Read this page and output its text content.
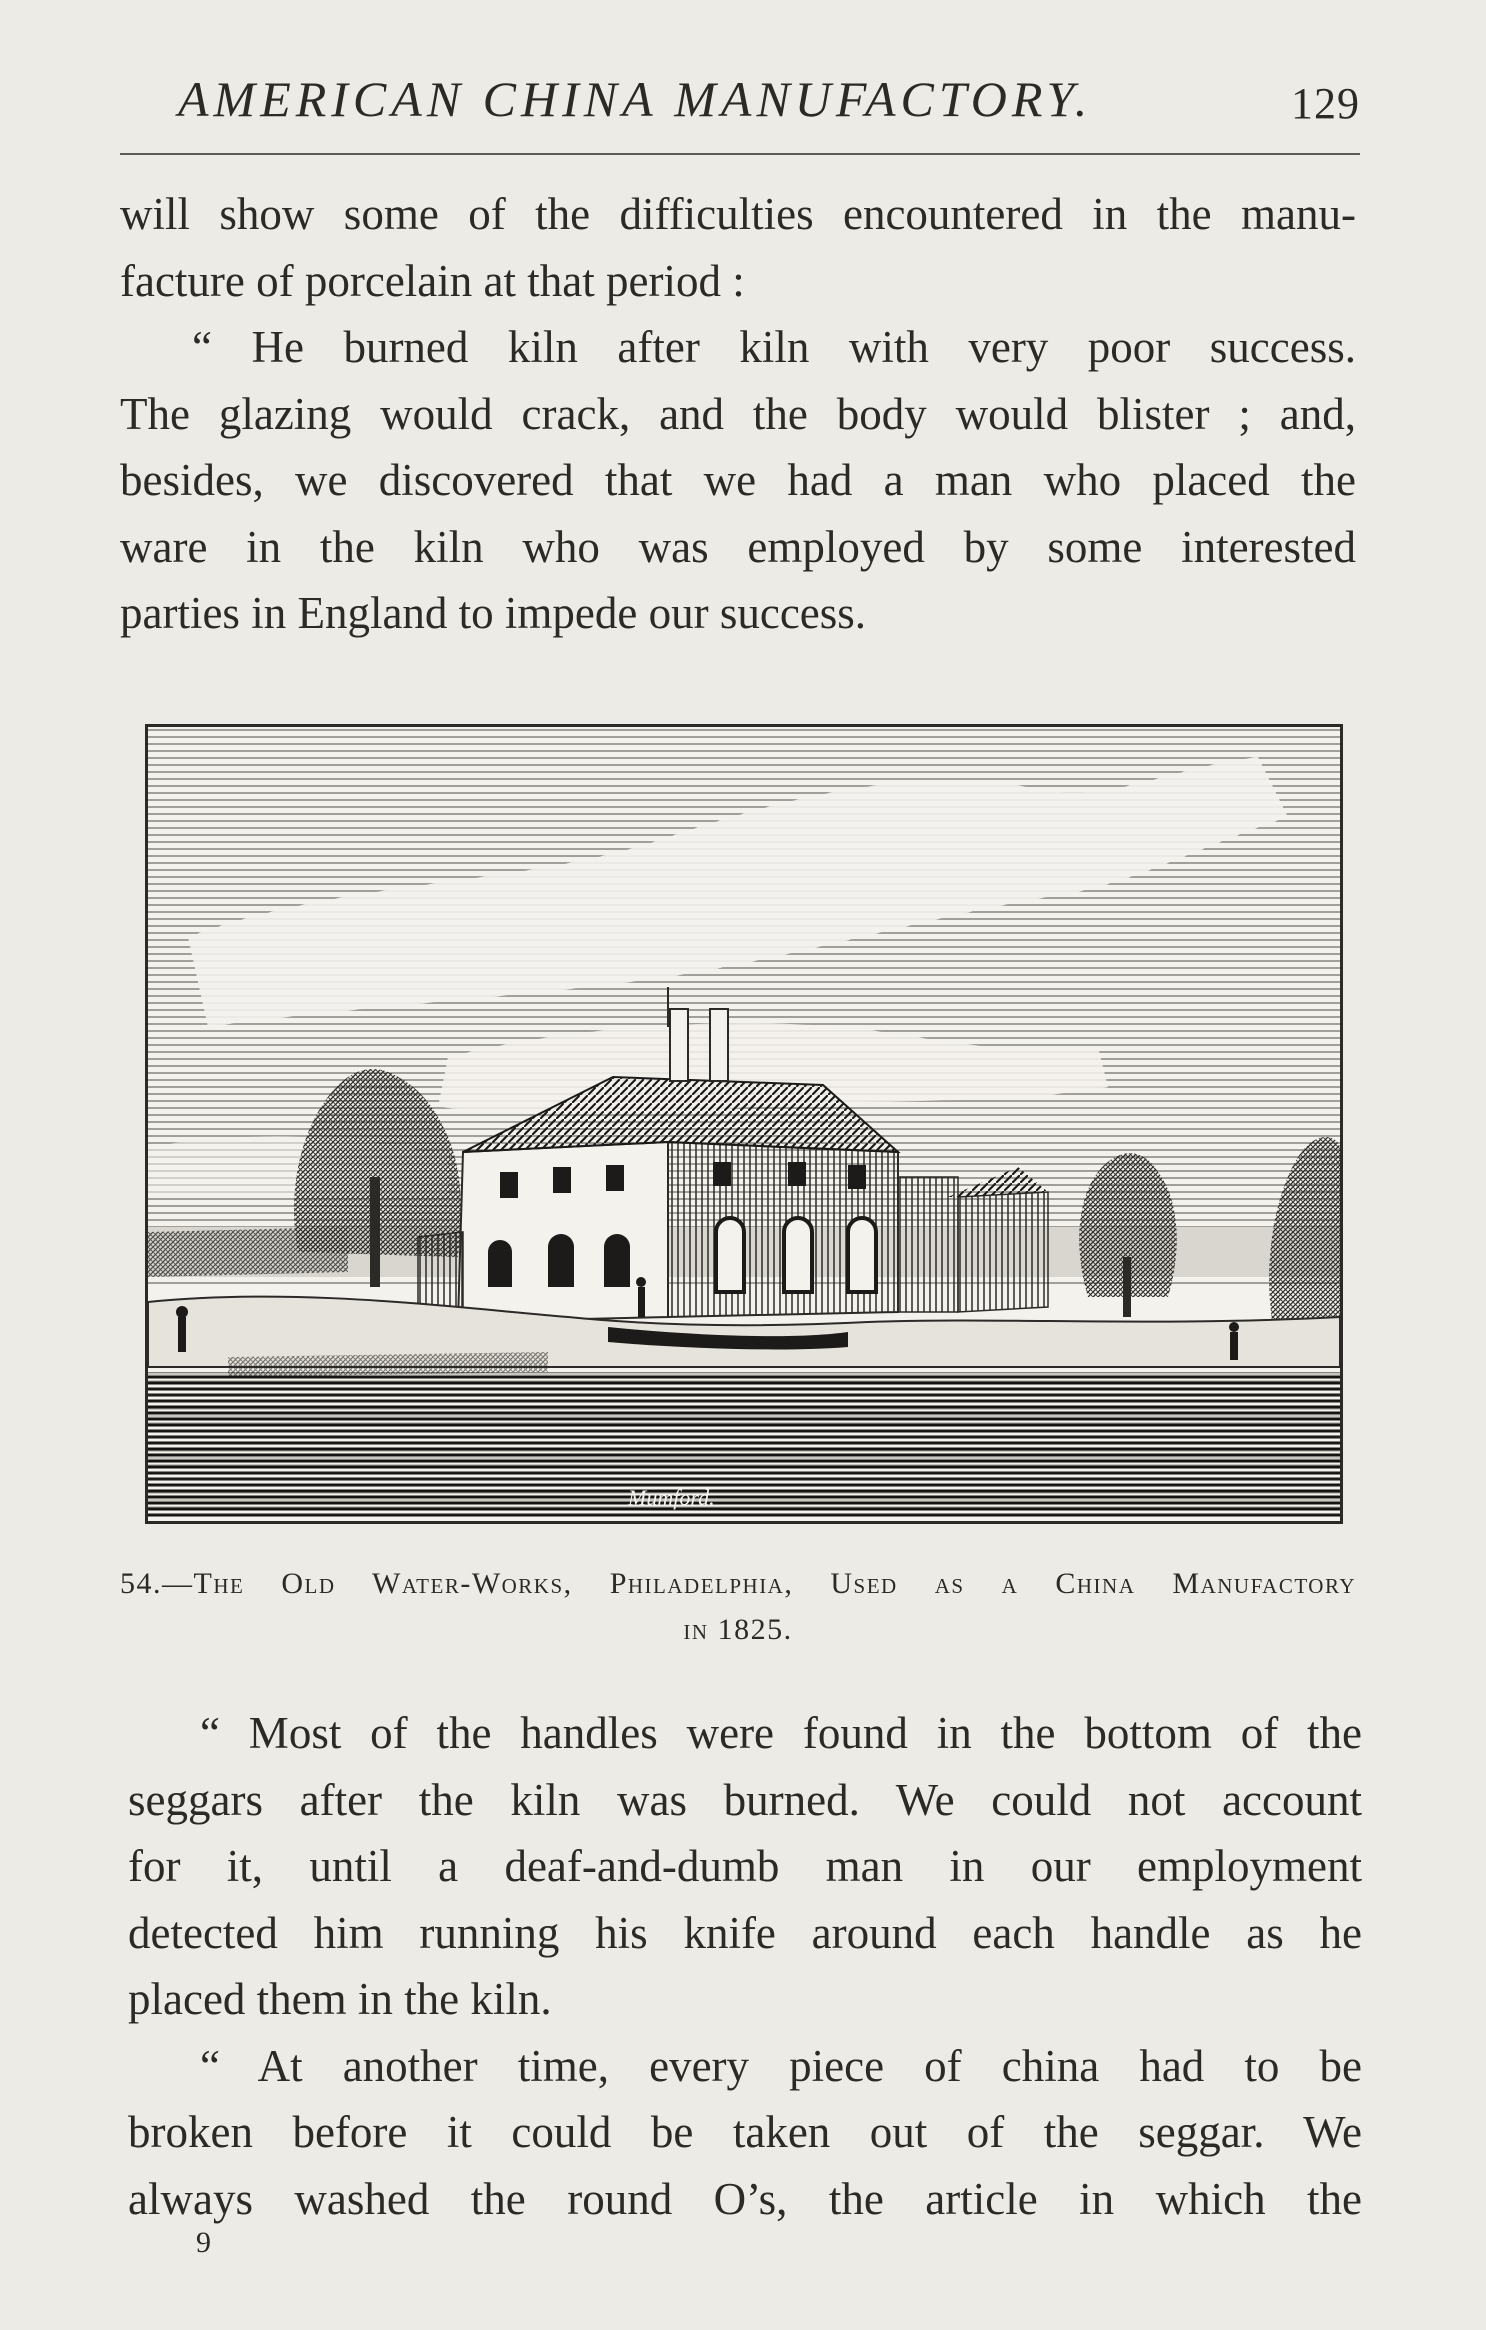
AMERICAN CHINA MANUFACTORY.	129

will show some of the difficulties encountered in the manu-
facture of porcelain at that period :

“ He burned kiln after kiln with very poor success.
The glazing would crack, and the body would blister ; and,
besides, we discovered that we had a man who placed the
ware in the kiln who was employed by some interested
parties in England to impede our success.

Mumford.
54.—The Old Water-Works, Philadelphia, Used as a China Manufactory
in 1825.

“ Most of the handles were found in the bottom of the
seggars after the kiln was burned. We could not account
for it, until a deaf-and-dumb man in our employment
detected him running his knife around each handle as he
placed them in the kiln.

“ At another time, every piece of china had to be
broken before it could be taken out of the seggar. We
always washed the round O’s, the article in which the

9
